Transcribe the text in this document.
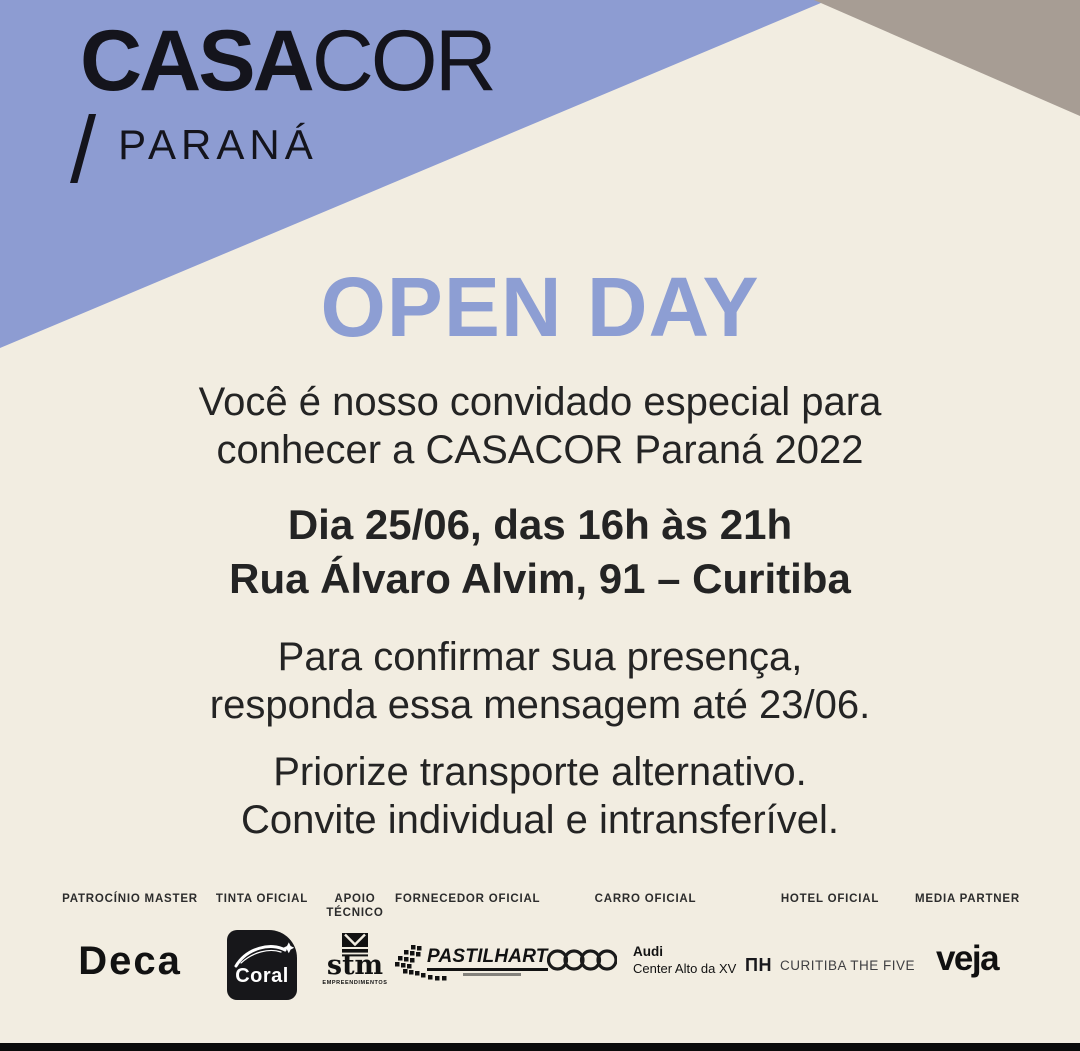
CASACOR
/ PARANÁ
OPEN DAY

Você é nosso convidado especial para
conhecer a CASACOR Paraná 2022

Dia 25/06, das 16h às 21h
Rua Álvaro Alvim, 91 – Curitiba

Para confirmar sua presença,
responda essa mensagem até 23/06.

Priorize transporte alternativo.
Convite individual e intransferível.

PATROCÍNIO MASTER
Deca
TINTA OFICIAL
Coral
APOIO TÉCNICO
stm
EMPREENDIMENTOS
FORNECEDOR OFICIAL
PASTILHART
CARRO OFICIAL
Audi
Center Alto da XV
HOTEL OFICIAL
ΠH CURITIBA THE FIVE
MEDIA PARTNER
veja
